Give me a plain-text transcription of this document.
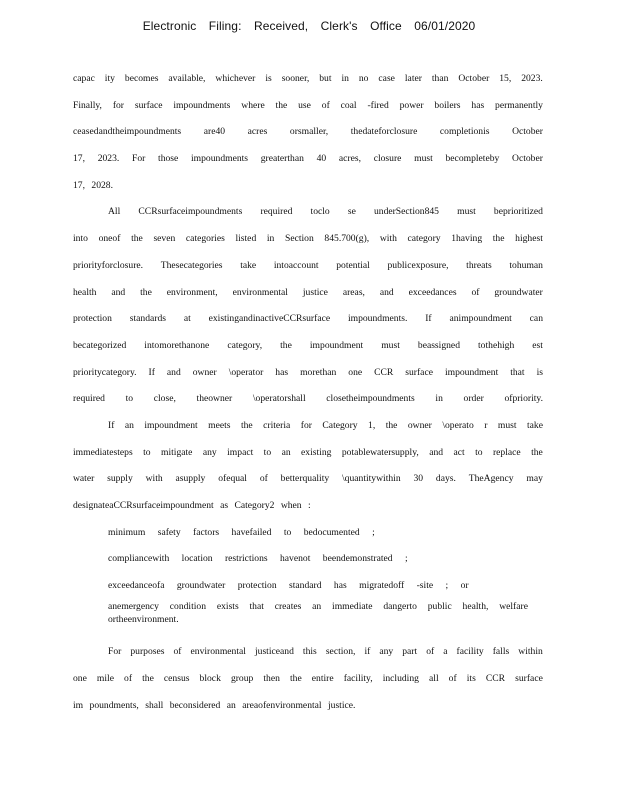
Electronic Filing: Received, Clerk's Office 06/01/2020
capac ity becomes available, whichever is sooner, but in no case later than October 15, 2023.
Finally, for surface impoundments where the use of coal -fired power boilers has permanently
ceasedandtheimpoundments are40 acres orsmaller, thedateforclosure completionis October
17, 2023. For those impoundments greaterthan 40 acres, closure must becompleteby October
17, 2028.
All CCRsurfaceimpoundments required toclo se underSection845 must beprioritized
into oneof the seven categories listed in Section 845.700(g), with category 1having the highest
priorityforclosure. Thesecategories take intoaccount potential publicexposure, threats tohuman
health and the environment, environmental justice areas, and exceedances of groundwater
protection standards at existingandinactiveCCRsurface impoundments. If animpoundment can
becategorized intomorethanone category, the impoundment must beassigned tothehigh est
prioritycategory. If and owner \operator has morethan one CCR surface impoundment that is
required to close, theowner \operatorshall closetheimpoundments in order ofpriority.
If an impoundment meets the criteria for Category 1, the owner \operato r must take
immediatesteps to mitigate any impact to an existing potablewatersupply, and act to replace the
water supply with asupply ofequal of betterquality \quantitywithin 30 days. TheAgency may
designateaCCRsurfaceimpoundment as Category2 when :
minimum safety factors havefailed to bedocumented ;
compliancewith location restrictions havenot beendemonstrated ;
exceedanceofa groundwater protection standard has migratedoff -site ; or
anemergency condition exists that creates an immediate dangerto public health, welfare
ortheenvironment.
For purposes of environmental justiceand this section, if any part of a facility falls within
one mile of the census block group then the entire facility, including all of its CCR surface
im poundments, shall beconsidered an areaofenvironmental justice.
